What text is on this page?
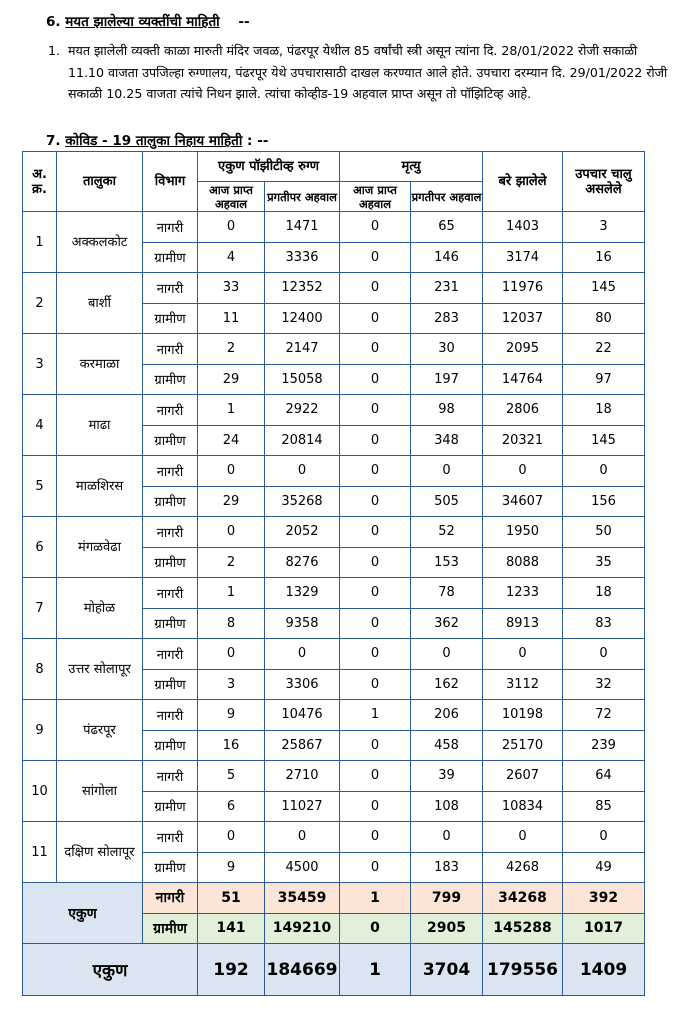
6. मयत झालेल्या व्यक्तींची माहिती --
1. मयत झालेली व्यक्ती काळा मारुती मंदिर जवळ, पंढरपूर येथील 85 वर्षांची स्त्री असून त्यांना दि. 28/01/2022 रोजी सकाळी 11.10 वाजता उपजिल्हा रुग्णालय, पंढरपूर येथे उपचारासाठी दाखल करण्यात आले होते. उपचारा दरम्यान दि. 29/01/2022 रोजी सकाळी 10.25 वाजता त्यांचे निधन झाले. त्यांचा कोव्हीड-19 अहवाल प्राप्त असून तो पॉझिटिव्ह आहे.
7. कोविड - 19 तालुका निहाय माहिती : --
अ. क्र.	तालुका	विभाग	एकुण पॉझीटीव्ह रुग्ण		मृत्यु		बरे झालेले	उपचार चालु असलेले
			आज प्राप्त अहवाल	प्रगतीपर अहवाल	आज प्राप्त अहवाल	प्रगतीपर अहवाल		
1	अक्कलकोट	नागरी	0	1471	0	65	1403	3
		ग्रामीण	4	3336	0	146	3174	16
2	बार्शी	नागरी	33	12352	0	231	11976	145
		ग्रामीण	11	12400	0	283	12037	80
3	करमाळा	नागरी	2	2147	0	30	2095	22
		ग्रामीण	29	15058	0	197	14764	97
4	माढा	नागरी	1	2922	0	98	2806	18
		ग्रामीण	24	20814	0	348	20321	145
5	माळशिरस	नागरी	0	0	0	0	0	0
		ग्रामीण	29	35268	0	505	34607	156
6	मंगळवेढा	नागरी	0	2052	0	52	1950	50
		ग्रामीण	2	8276	0	153	8088	35
7	मोहोळ	नागरी	1	1329	0	78	1233	18
		ग्रामीण	8	9358	0	362	8913	83
8	उत्तर सोलापूर	नागरी	0	0	0	0	0	0
		ग्रामीण	3	3306	0	162	3112	32
9	पंढरपूर	नागरी	9	10476	1	206	10198	72
		ग्रामीण	16	25867	0	458	25170	239
10	सांगोला	नागरी	5	2710	0	39	2607	64
		ग्रामीण	6	11027	0	108	10834	85
11	दक्षिण सोलापूर	नागरी	0	0	0	0	0	0
		ग्रामीण	9	4500	0	183	4268	49
एकुण		नागरी	51	35459	1	799	34268	392
		ग्रामीण	141	149210	0	2905	145288	1017
एकुण			192	184669	1	3704	179556	1409
